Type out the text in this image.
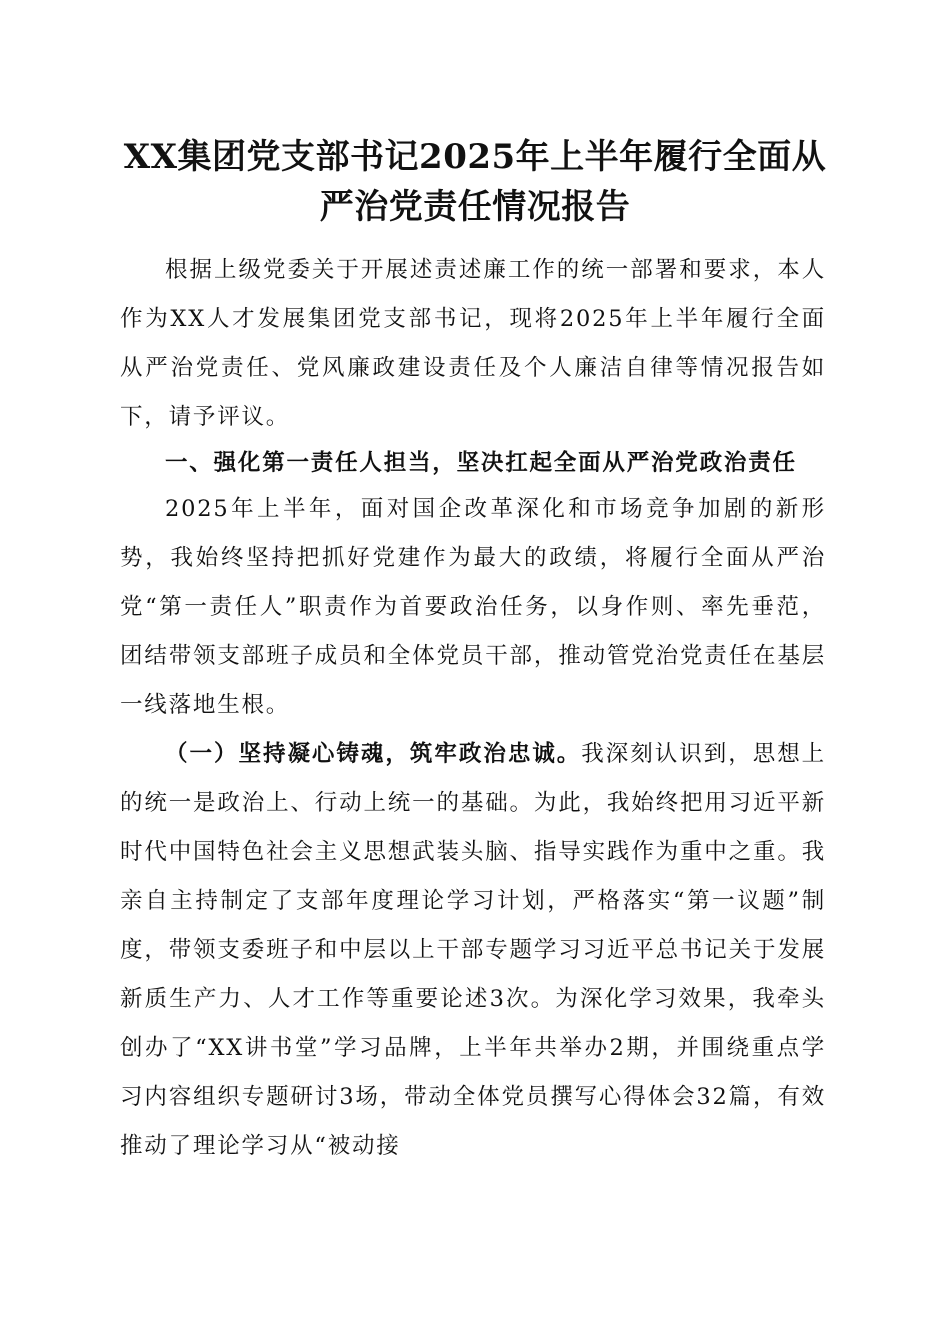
XX集团党支部书记2025年上半年履行全面从
严治党责任情况报告

根据上级党委关于开展述责述廉工作的统一部署和要求，本人作为XX人才发展集团党支部书记，现将2025年上半年履行全面从严治党责任、党风廉政建设责任及个人廉洁自律等情况报告如下，请予评议。

一、强化第一责任人担当，坚决扛起全面从严治党政治责任

2025年上半年，面对国企改革深化和市场竞争加剧的新形势，我始终坚持把抓好党建作为最大的政绩，将履行全面从严治党“第一责任人”职责作为首要政治任务，以身作则、率先垂范，团结带领支部班子成员和全体党员干部，推动管党治党责任在基层一线落地生根。

（一）坚持凝心铸魂，筑牢政治忠诚。我深刻认识到，思想上的统一是政治上、行动上统一的基础。为此，我始终把用习近平新时代中国特色社会主义思想武装头脑、指导实践作为重中之重。我亲自主持制定了支部年度理论学习计划，严格落实“第一议题”制度，带领支委班子和中层以上干部专题学习习近平总书记关于发展新质生产力、人才工作等重要论述3次。为深化学习效果，我牵头创办了“XX讲书堂”学习品牌，上半年共举办2期，并围绕重点学习内容组织专题研讨3场，带动全体党员撰写心得体会32篇，有效推动了理论学习从“被动接
